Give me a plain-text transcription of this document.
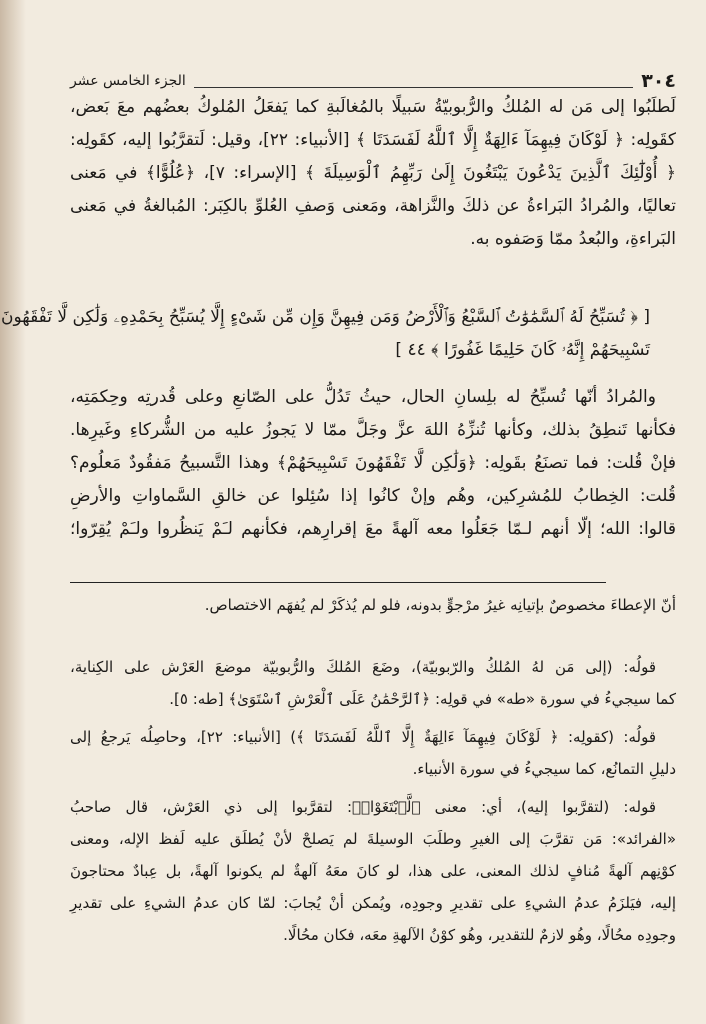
٣٠٤
الجزء الخامس عشر
لَطلَبُوا إلى مَن له المُلكُ والرُّبوبيّةُ سَبيلًا بالمُغالَبةِ كما يَفعَلُ المُلوكُ بعضُهم معَ بَعض،
كقَولِه: ﴿ لَوْكَانَ فِيهِمَآ ءَالِهَةٌ إِلَّا ٱللَّهُ لَفَسَدَتَا ﴾ [الأنبياء: ٢٢]، وقيل: لَتقرَّبُوا إليه، كقَولِه:
﴿ أُوْلَٰٓئِكَ ٱلَّذِينَ يَدْعُونَ يَبْتَغُونَ إِلَىٰ رَبِّهِمُ ٱلْوَسِيلَةَ ﴾ [الإسراء: ٧]، ﴿عُلُوًّا﴾ في مَعنى
تعاليًا، والمُرادُ البَراءةُ عن ذلكَ والنَّزاهة، ومَعنى وَصفِ العُلوِّ بالكِبَر: المُبالغةُ في مَعنى
البَراءةِ، والبُعدُ ممّا وَصَفوه به.
[ ﴿ تُسَبِّحُ لَهُ ٱلسَّمَٰوَٰتُ ٱلسَّبْعُ وَٱلْأَرْضُ وَمَن فِيهِنَّ وَإِن مِّن شَىْءٍ إِلَّا يُسَبِّحُ بِحَمْدِهِۦ وَلَٰكِن لَّا تَفْقَهُونَ
تَسْبِيحَهُمْ إِنَّهُۥ كَانَ حَلِيمًا غَفُورًا ﴾ ٤٤ ]
والمُرادُ أنّها تُسبِّحُ له بلِسانِ الحال، حيثُ تَدُلُّ على الصّانعِ وعلى قُدرتِه وحِكمَتِه،
فكأنها تَنطِقُ بذلك، وكأنها تُنزِّهُ اللهَ عزَّ وجَلَّ ممّا لا يَجوزُ عليه من الشُّركاءِ وغَيرِها.
فإنْ قُلت: فما تصنَعُ بقَولِه: ﴿وَلَٰكِن لَّا تَفْقَهُونَ تَسْبِيحَهُمْ﴾ وهذا التَّسبيحُ مَفقُودٌ مَعلُوم؟
قُلت: الخِطابُ للمُشرِكين، وهُم وإنْ كانُوا إذا سُئِلوا عن خالقِ السَّماواتِ والأرضِ
قالوا: الله؛ إلّا أنهم لـمّا جَعَلُوا معه آلهةً معَ إقرارِهم، فكأنهم لـَمْ يَنظُروا ولـَمْ يُقِرّوا؛
أنّ الإعطاءَ مخصوصٌ بإتيانِه غيرُ مرْجوٍّ بدونه، فلو لم يُذكَرْ لم يُفهَم الاختصاص.
قولُه: (إلى مَن لهُ المُلكُ والرّبوبيّة)، وضَعَ المُلكَ والرُّبوبيّة موضعَ العَرْش على الكِناية،
كما سيجيءُ في سورة «طه» في قولِه: ﴿ٱلرَّحْمَٰنُ عَلَى ٱلْعَرْشِ ٱسْتَوَىٰ﴾ [طه: ٥].
قولُه: (كقولِه: ﴿ لَوْكَانَ فِيهِمَآ ءَالِهَةٌ إِلَّا ٱللَّهُ لَفَسَدَتَا ﴾) [الأنبياء: ٢٢]، وحاصِلُه يَرجعُ إلى
دليلِ التمانُع، كما سيجيءُ في سورة الأنبياء.
قوله: (لتقرَّبوا إليه)، أي: معنى ﴿لَّٱبْتَغَوْا۟﴾: لتقرَّبوا إلى ذي العَرْش، قال صاحبُ
«الفرائد»: مَن تقرَّبَ إلى الغيرِ وطلَبَ الوسيلةَ لم يَصلحْ لأنْ يُطلَق عليه لَفظ الإله، ومعنى
كوْنِهم آلهةً مُنافٍ لذلك المعنى، على هذا، لو كانَ معَهُ آلهةٌ لم يكونوا آلهةً، بل عِبادٌ محتاجونَ
إليه، فيَلزَمُ عدمُ الشيءِ على تقديرِ وجودِه، ويُمكن أنْ يُجابَ: لمّا كان عدمُ الشيءِ على تقديرِ
وجودِه محُالًا، وهُو لازمٌ للتقدير، وهُو كوْنُ الآلهةِ معَه، فكان محُالًا.
